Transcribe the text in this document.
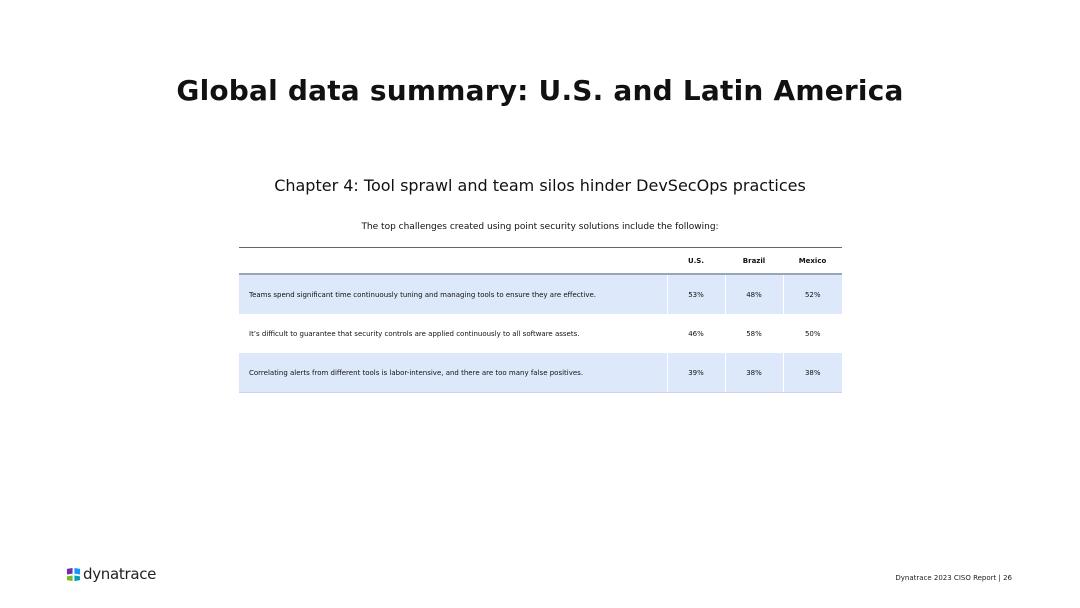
Global data summary: U.S. and Latin America
Chapter 4: Tool sprawl and team silos hinder DevSecOps practices
The top challenges created using point security solutions include the following:
	U.S.	Brazil	Mexico
Teams spend significant time continuously tuning and managing tools to ensure they are effective.	53%	48%	52%
It’s difficult to guarantee that security controls are applied continuously to all software assets.	46%	58%	50%
Correlating alerts from different tools is labor-intensive, and there are too many false positives.	39%	38%	38%
dynatrace	Dynatrace 2023 CISO Report | 26
